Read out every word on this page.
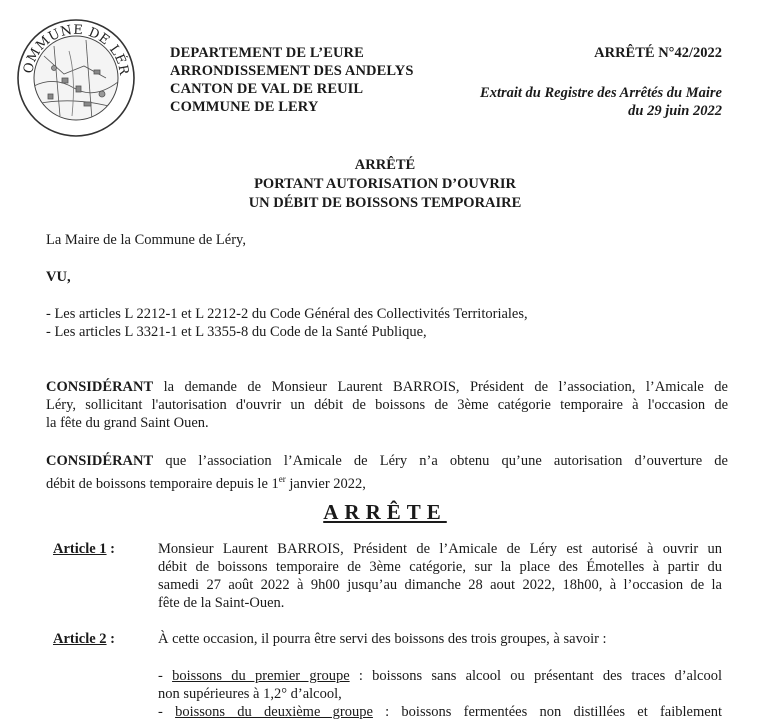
OMMUNE DE LÉR
DEPARTEMENT DE L’EURE
ARRONDISSEMENT DES ANDELYS
CANTON DE VAL DE REUIL
COMMUNE DE LERY
ARRÊTÉ N°42/2022
Extrait du Registre des Arrêtés du Maire
du 29 juin 2022
ARRÊTÉ
PORTANT AUTORISATION D’OUVRIR
UN DÉBIT DE BOISSONS TEMPORAIRE
La Maire de la Commune de Léry,
VU,
- Les articles L 2212-1 et L 2212-2 du Code Général des Collectivités Territoriales,
- Les articles L 3321-1 et L 3355-8 du Code de la Santé Publique,
CONSIDÉRANT la demande de Monsieur Laurent BARROIS, Président de l’association, l’Amicale de
Léry, sollicitant l'autorisation d'ouvrir un débit de boissons de 3ème catégorie temporaire à l'occasion de
la fête du grand Saint Ouen.
CONSIDÉRANT que l’association l’Amicale de Léry n’a obtenu qu’une autorisation d’ouverture de
débit de boissons temporaire depuis le 1er janvier 2022,
ARRÊTE
Article 1 :	Monsieur Laurent BARROIS, Président de l’Amicale de Léry est autorisé à ouvrir un
débit de boissons temporaire de 3ème catégorie, sur la place des Émotelles à partir du
samedi 27 août 2022 à 9h00 jusqu’au dimanche 28 aout 2022, 18h00, à l’occasion de la
fête de la Saint-Ouen.
Article 2 :	À cette occasion, il pourra être servi des boissons des trois groupes, à savoir :
- boissons du premier groupe : boissons sans alcool ou présentant des traces d’alcool
non supérieures à 1,2° d’alcool,
- boissons du deuxième groupe : boissons fermentées non distillées et faiblement
